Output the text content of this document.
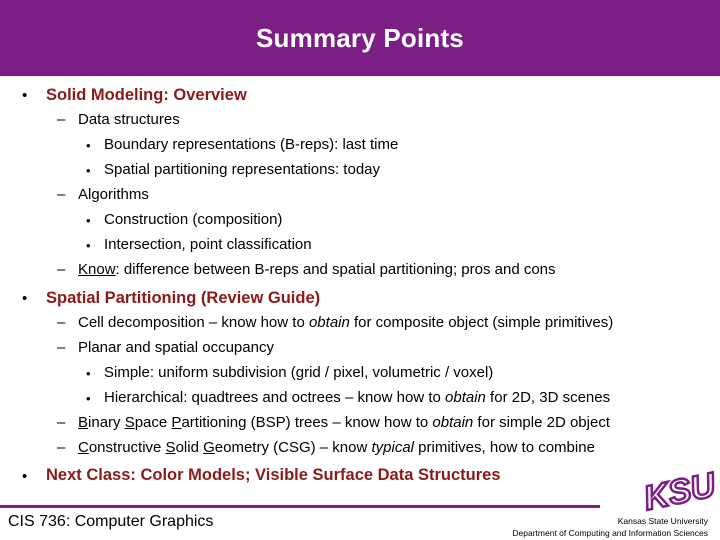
Summary Points
• Solid Modeling: Overview
– Data structures
• Boundary representations (B-reps): last time
• Spatial partitioning representations: today
– Algorithms
• Construction (composition)
• Intersection, point classification
– Know: difference between B-reps and spatial partitioning; pros and cons
• Spatial Partitioning (Review Guide)
– Cell decomposition – know how to obtain for composite object (simple primitives)
– Planar and spatial occupancy
• Simple: uniform subdivision (grid / pixel, volumetric / voxel)
• Hierarchical: quadtrees and octrees – know how to obtain for 2D, 3D scenes
– Binary Space Partitioning (BSP) trees – know how to obtain for simple 2D object
– Constructive Solid Geometry (CSG) – know typical primitives, how to combine
• Next Class: Color Models; Visible Surface Data Structures	KSU
CIS 736: Computer Graphics	Kansas State University
Department of Computing and Information Sciences
